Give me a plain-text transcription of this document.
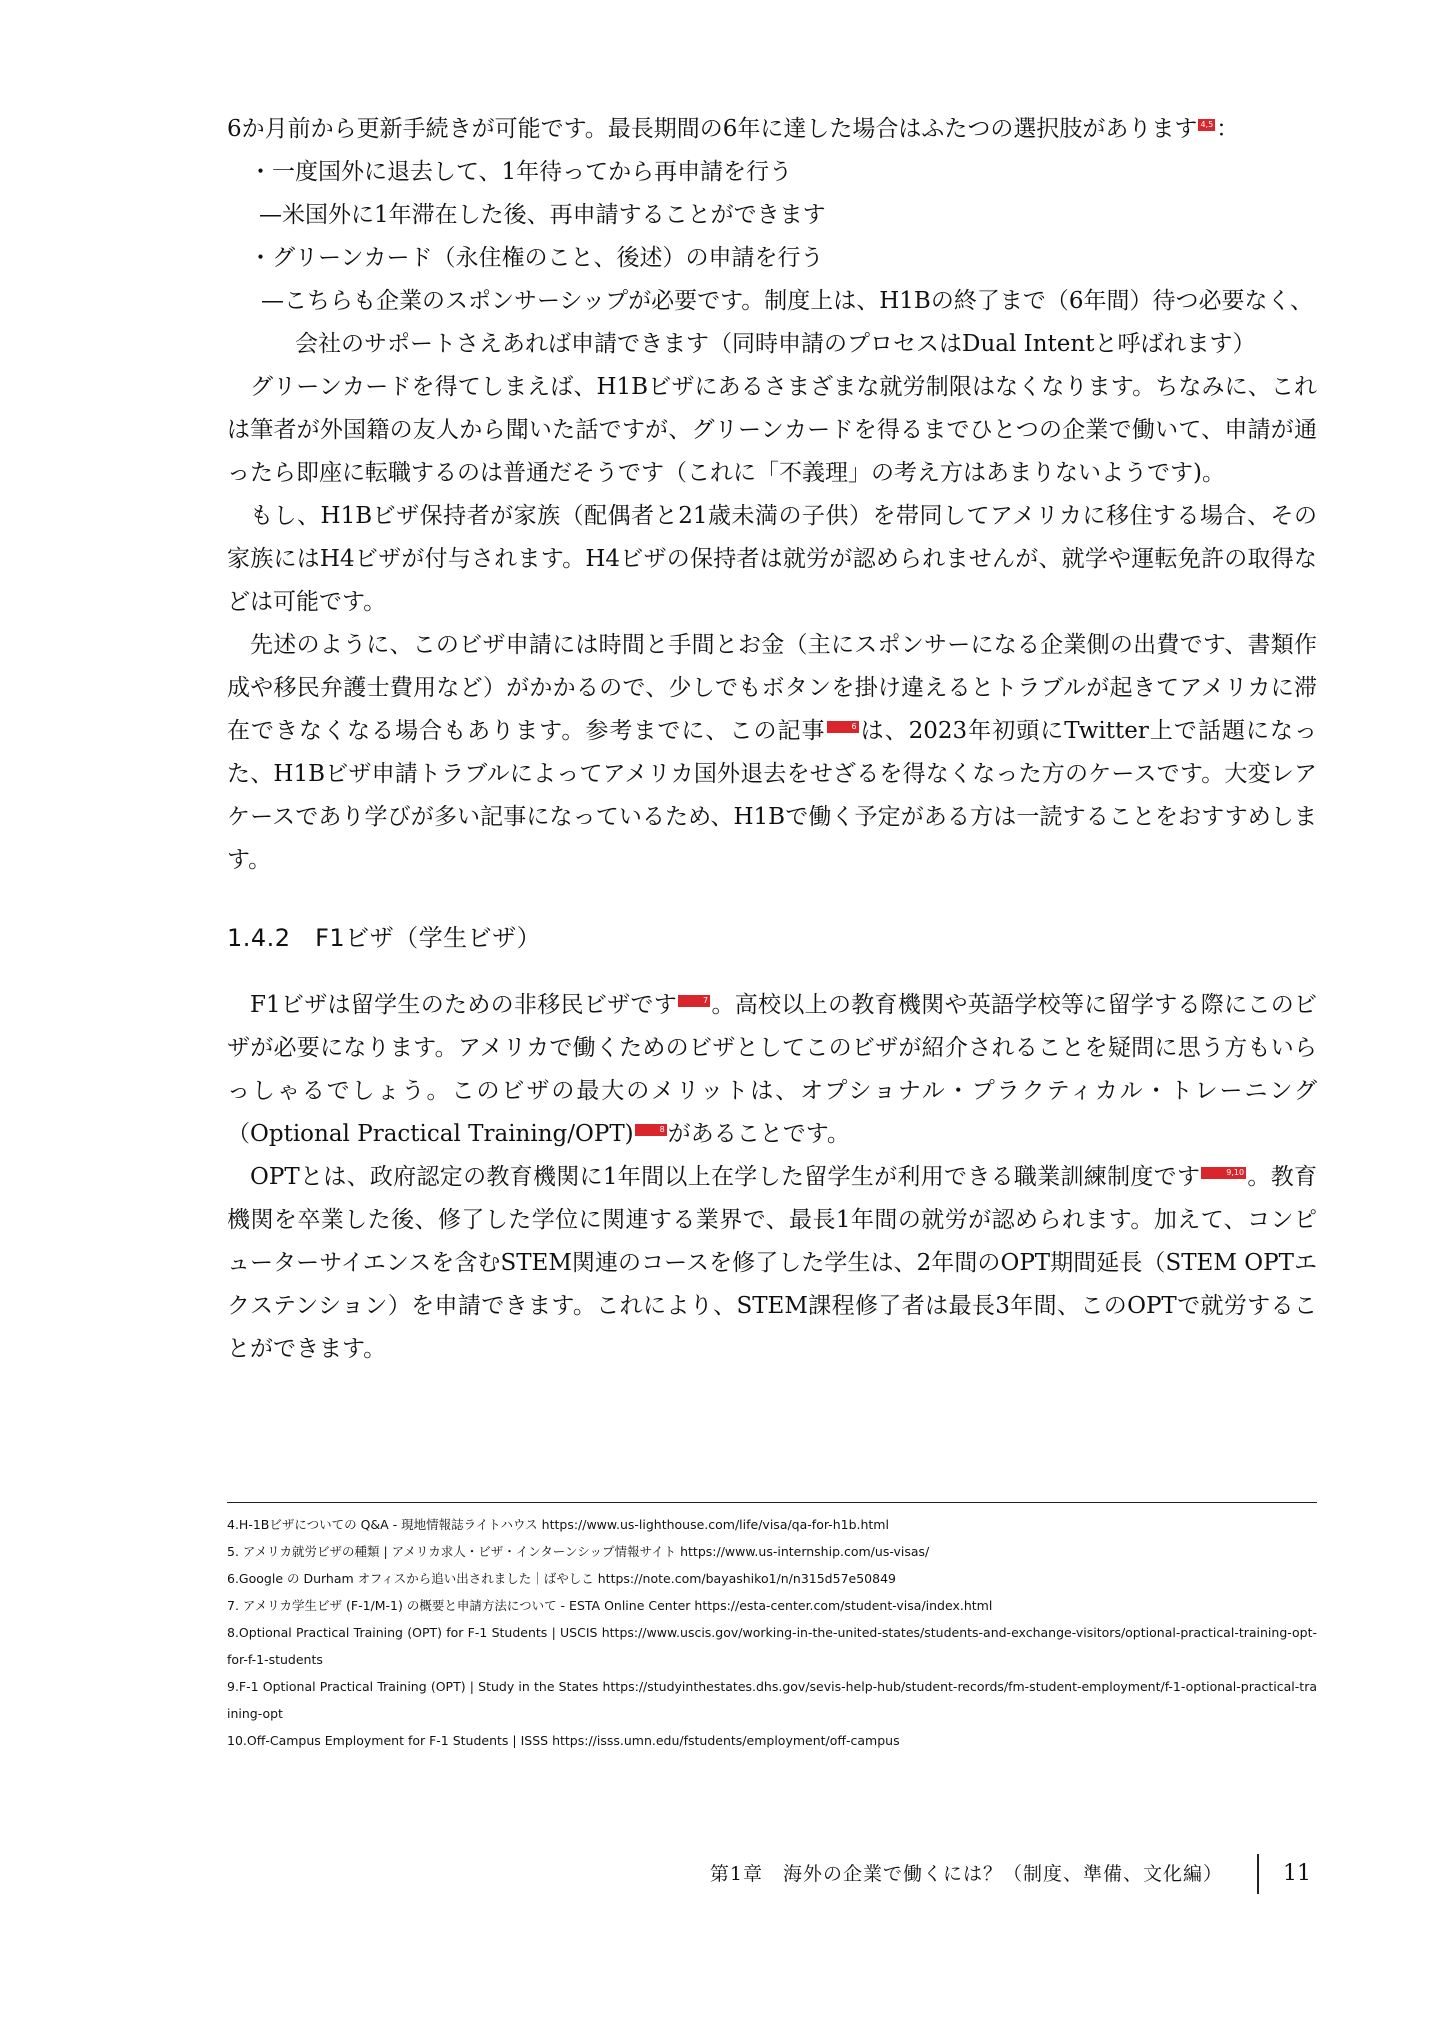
6か月前から更新手続きが可能です。最長期間の6年に達した場合はふたつの選択肢があります 4,5 ：

・一度国外に退去して、1年待ってから再申請を行う

—米国外に1年滞在した後、再申請することができます

・グリーンカード（永住権のこと、後述）の申請を行う

—こちらも企業のスポンサーシップが必要です。制度上は、H1Bの終了まで（6年間）待つ必要なく、会社のサポートさえあれば申請できます（同時申請のプロセスはDual Intentと呼ばれます）

グリーンカードを得てしまえば、H1Bビザにあるさまざまな就労制限はなくなります。ちなみに、これは筆者が外国籍の友人から聞いた話ですが、グリーンカードを得るまでひとつの企業で働いて、申請が通ったら即座に転職するのは普通だそうです（これに「不義理」の考え方はあまりないようです)。

もし、H1Bビザ保持者が家族（配偶者と21歳未満の子供）を帯同してアメリカに移住する場合、その家族にはH4ビザが付与されます。H4ビザの保持者は就労が認められませんが、就学や運転免許の取得などは可能です。

先述のように、このビザ申請には時間と手間とお金（主にスポンサーになる企業側の出費です、書類作成や移民弁護士費用など）がかかるので、少しでもボタンを掛け違えるとトラブルが起きてアメリカに滞在できなくなる場合もあります。参考までに、この記事	6 は、2023年初頭にTwitter上で話題になった、H1Bビザ申請トラブルによってアメリカ国外退去をせざるを得なくなった方のケースです。大変レアケースであり学びが多い記事になっているため、H1Bで働く予定がある方は一読することをおすすめします。

1.4.2　F1ビザ（学生ビザ）

F1ビザは留学生のための非移民ビザです	7 。高校以上の教育機関や英語学校等に留学する際にこのビザが必要になります。アメリカで働くためのビザとしてこのビザが紹介されることを疑問に思う方もいらっしゃるでしょう。このビザの最大のメリットは、オプショナル・プラクティカル・トレーニング（Optional Practical Training/OPT)	8 があることです。

OPTとは、政府認定の教育機関に1年間以上在学した留学生が利用できる職業訓練制度です	9,10 。教育機関を卒業した後、修了した学位に関連する業界で、最長1年間の就労が認められます。加えて、コンピューターサイエンスを含むSTEM関連のコースを修了した学生は、2年間のOPT期間延長（STEM OPTエクステンション）を申請できます。これにより、STEM課程修了者は最長3年間、このOPTで就労することができます。

4.H-1Bビザについての Q&A - 現地情報誌ライトハウス https://www.us-lighthouse.com/life/visa/qa-for-h1b.html

5. アメリカ就労ビザの種類 | アメリカ求人・ビザ・インターンシップ情報サイト https://www.us-internship.com/us-visas/

6.Google の Durham オフィスから追い出されました｜ばやしこ https://note.com/bayashiko1/n/n315d57e50849

7. アメリカ学生ビザ (F-1/M-1) の概要と申請方法について - ESTA Online Center https://esta-center.com/student-visa/index.html

8.Optional Practical Training (OPT) for F-1 Students | USCIS https://www.uscis.gov/working-in-the-united-states/students-and-exchange-visitors/optional-practical-training-opt-for-f-1-students

9.F-1 Optional Practical Training (OPT) | Study in the States https://studyinthestates.dhs.gov/sevis-help-hub/student-records/fm-student-employment/f-1-optional-practical-training-opt

10.Off-Campus Employment for F-1 Students | ISSS https://isss.umn.edu/fstudents/employment/off-campus

第1章　海外の企業で働くには？（制度、準備、文化編）	11
